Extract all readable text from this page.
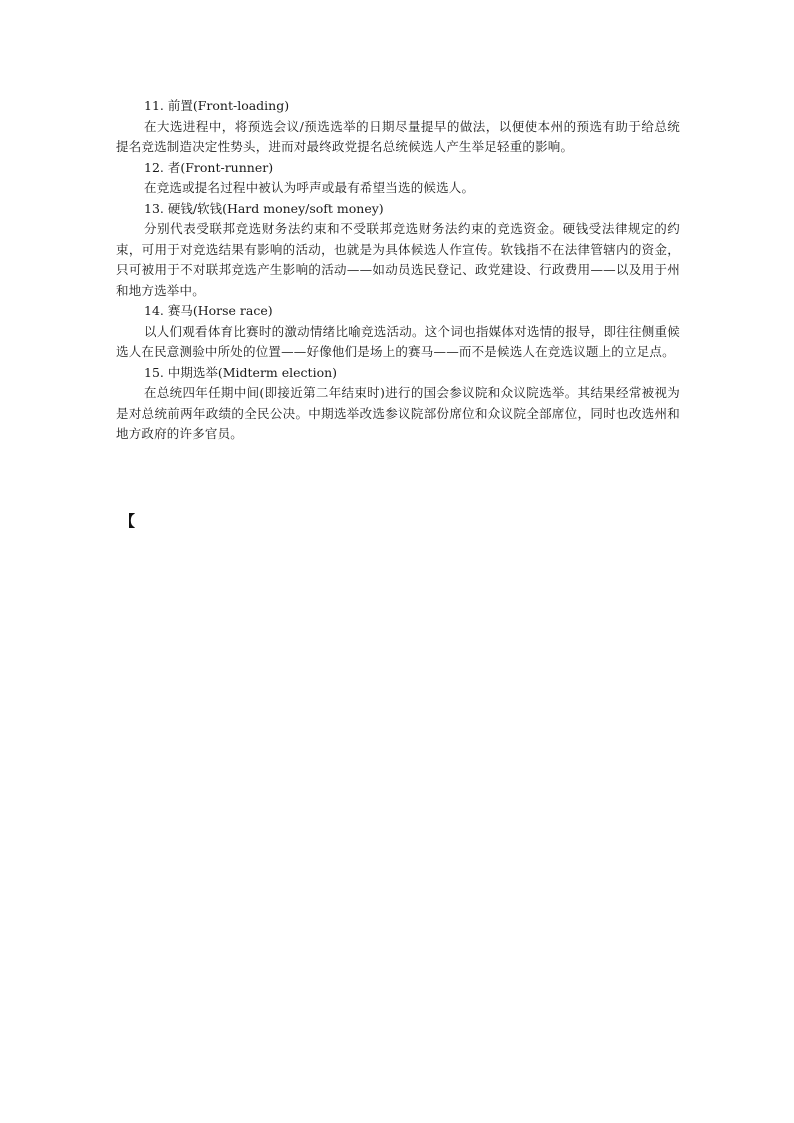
11. 前置(Front-loading)

在大选进程中，将预选会议/预选选举的日期尽量提早的做法，以便使本州的预选有助于给总统提名竞选制造决定性势头，进而对最终政党提名总统候选人产生举足轻重的影响。

12. 者(Front-runner)

在竞选或提名过程中被认为呼声或最有希望当选的候选人。

13. 硬钱/软钱(Hard money/soft money)

分别代表受联邦竞选财务法约束和不受联邦竞选财务法约束的竞选资金。硬钱受法律规定的约束，可用于对竞选结果有影响的活动，也就是为具体候选人作宣传。软钱指不在法律管辖内的资金，只可被用于不对联邦竞选产生影响的活动——如动员选民登记、政党建设、行政费用——以及用于州和地方选举中。

14. 赛马(Horse race)

以人们观看体育比赛时的激动情绪比喻竞选活动。这个词也指媒体对选情的报导，即往往侧重候选人在民意测验中所处的位置——好像他们是场上的赛马——而不是候选人在竞选议题上的立足点。

15. 中期选举(Midterm election)

在总统四年任期中间(即接近第二年结束时)进行的国会参议院和众议院选举。其结果经常被视为是对总统前两年政绩的全民公决。中期选举改选参议院部份席位和众议院全部席位，同时也改选州和地方政府的许多官员。

【
